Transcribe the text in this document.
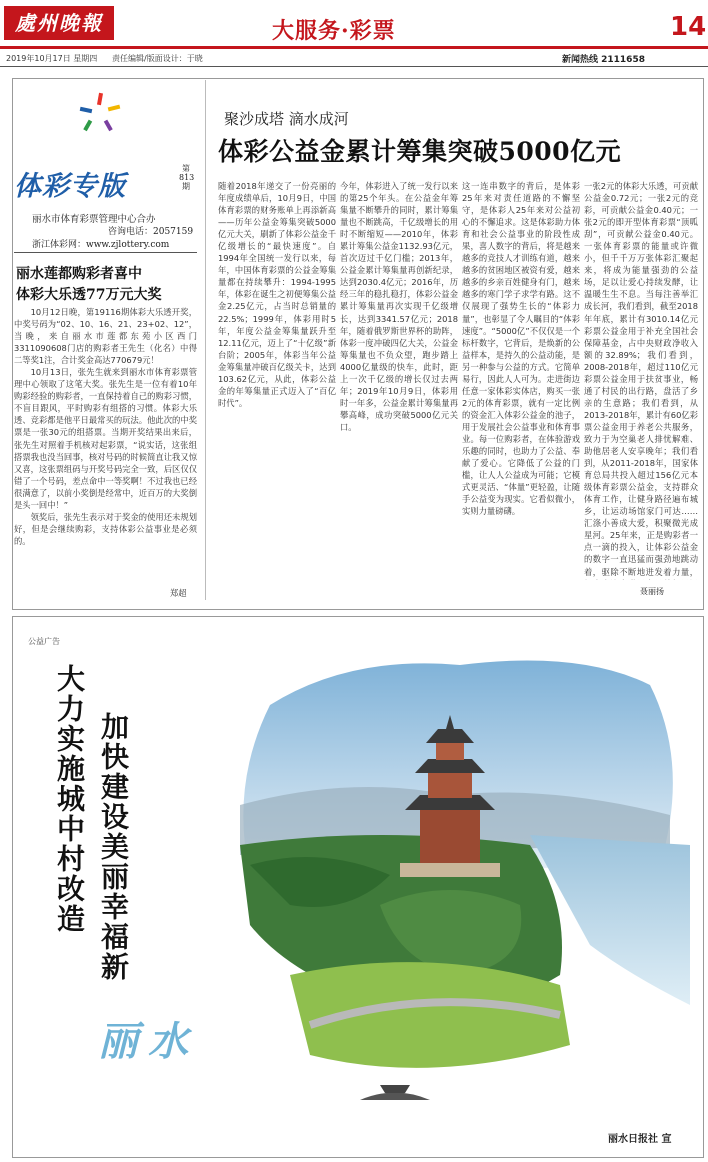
處州晚報	大服务·彩票	14
2019年10月17日 星期四 责任编辑/版面设计：于晓	新闻热线 2111658
体彩专版
第813期
丽水市体育彩票管理中心合办
咨询电话：2057159
浙江体彩网：www.zjlottery.com
丽水莲都购彩者喜中
体彩大乐透77万元大奖

10月12日晚，第19116期体彩大乐透开奖，中奖号码为“02、10、16、21、23+02、12”，当晚，来自丽水市莲都东苑小区西门3311090608门店的购彩者王先生（化名）中得二等奖1注，合计奖金高达770679元！

10月13日，张先生就来到丽水市体育彩票管理中心领取了这笔大奖。张先生是一位有着10年购彩经验的购彩者，一直保持着自己的购彩习惯，不盲目跟风，平时购彩有组搭的习惯。体彩大乐透、竞彩都是他平日最常买的玩法。他此次的中奖票是一张30元的组搭票。当期开奖结果出来后，张先生对照着手机核对起彩票，“说实话，这张组搭票我也没当回事，核对号码的时候简直让我又惊又喜，这张票组码与开奖号码完全一致，后区仅仅错了一个号码，差点命中一等奖啊！不过我也已经很满意了，以前小奖倒是经常中，近百万的大奖倒是头一回中！”

领奖后，张先生表示对于奖金的使用还未规划好，但是会继续购彩，支持体彩公益事业是必须的。

郑超
聚沙成塔 滴水成河
体彩公益金累计筹集突破5000亿元
随着2018年递交了一份亮丽的年度成绩单后，10月9日，中国体育彩票的财务账单上再添新高——历年公益金筹集突破5000亿元大关，刷新了体彩公益金千亿级增长的“最快速度”。自1994年全国统一发行以来，每年，中国体育彩票的公益金筹集量都在持续攀升：1994-1995年，体彩在诞生之初便筹集公益金2.25亿元，占当时总销量的22.5%；1999年，体彩用时5年，年度公益金筹集量跃升至12.11亿元，迈上了“十亿级”新台阶；2005年，体彩当年公益金筹集量冲破百亿级关卡，达到103.62亿元，从此，体彩公益金的年筹集量正式迈入了“百亿时代”。
今年，体彩进入了统一发行以来的第25个年头。在公益金年筹集量不断攀升的同时，累计筹集量也不断跳高，千亿级增长的用时不断缩短——2010年，体彩累计筹集公益金1132.93亿元，首次迈过千亿门槛；2013年，公益金累计筹集量再创新纪录，达到2030.4亿元；2016年，历经三年的稳扎稳打，体彩公益金累计筹集量再次实现千亿级增长，达到3341.57亿元；2018年，随着俄罗斯世界杯的助阵，体彩一度冲破四亿大关，公益金筹集量也不负众望，跑步踏上4000亿量级的快车，此时，距上一次千亿级的增长仅过去两年；2019年10月9日，体彩用时一年多，公益金累计筹集量再攀高峰，成功突破5000亿元关口。
这一连串数字的背后，是体彩25年来对责任道路的不懈坚守，是体彩人25年来对公益初心的不懈追求。这是体彩助力体育和社会公益事业的阶段性成果，喜人数字的背后，将是越来越多的竞技人才训练有道，越来越多的贫困地区被资有爱，越来越多的乡亲百姓健身有门，越来越多的寒门学子求学有路。这不仅展现了强势生长的“体彩力量”，也彰显了令人瞩目的“体彩速度”。“5000亿”不仅仅是一个标杆数字，它背后，是焕新的公益样本，是持久的公益动能，是另一种参与公益的方式。它简单易行，因此人人可为。走进街边任意一家体彩实体店，购买一张2元的体育彩票，就有一定比例的资金汇入体彩公益金的池子，用于发展社会公益事业和体育事业。每一位购彩者，在体验游戏乐趣的同时，也助力了公益、奉献了爱心。它降低了公益的门槛，让人人公益成为可能；它模式更灵活、“体量”更轻盈，让随手公益变为现实。它看似微小，实则力量磅礴。
一张2元的体彩大乐透，可贡献公益金0.72元；一张2元的竞彩，可贡献公益金0.40元；一张2元的即开型体育彩票“顶呱刮”，可贡献公益金0.40元。一张体育彩票的能量或许微小，但千千万万张体彩汇聚起来，将成为能量强劲的公益场，足以让爱心持续发酵，让温暖生生不息。当每注善举汇成长河，我们看到，截至2018年年底，累计有3010.14亿元彩票公益金用于补充全国社会保障基金，占中央财政净收入额的32.89%；我们看到，2008-2018年，超过110亿元彩票公益金用于扶贫事业，畅通了村民的出行路，盘活了乡亲的生意路；我们看到，从2013-2018年，累计有60亿彩票公益金用于养老公共服务，致力于为空巢老人排忧解难、助他居老人安享晚年；我们看到，从2011-2018年，国家体育总局共投入超过156亿元本级体育彩票公益金，支持群众体育工作，让健身路径遍布城乡，让运动场馆家门可达……汇涤小善成大爱，积聚微光成星河。25年来，正是购彩者一点一滴的投入，让体彩公益金的数字一直迅猛而强劲地跳动着，驱除不断地进发着力量，
聂丽扬
公益广告
大力实施城中村改造 加快建设美丽幸福新
丽水
丽水日报社 宣
